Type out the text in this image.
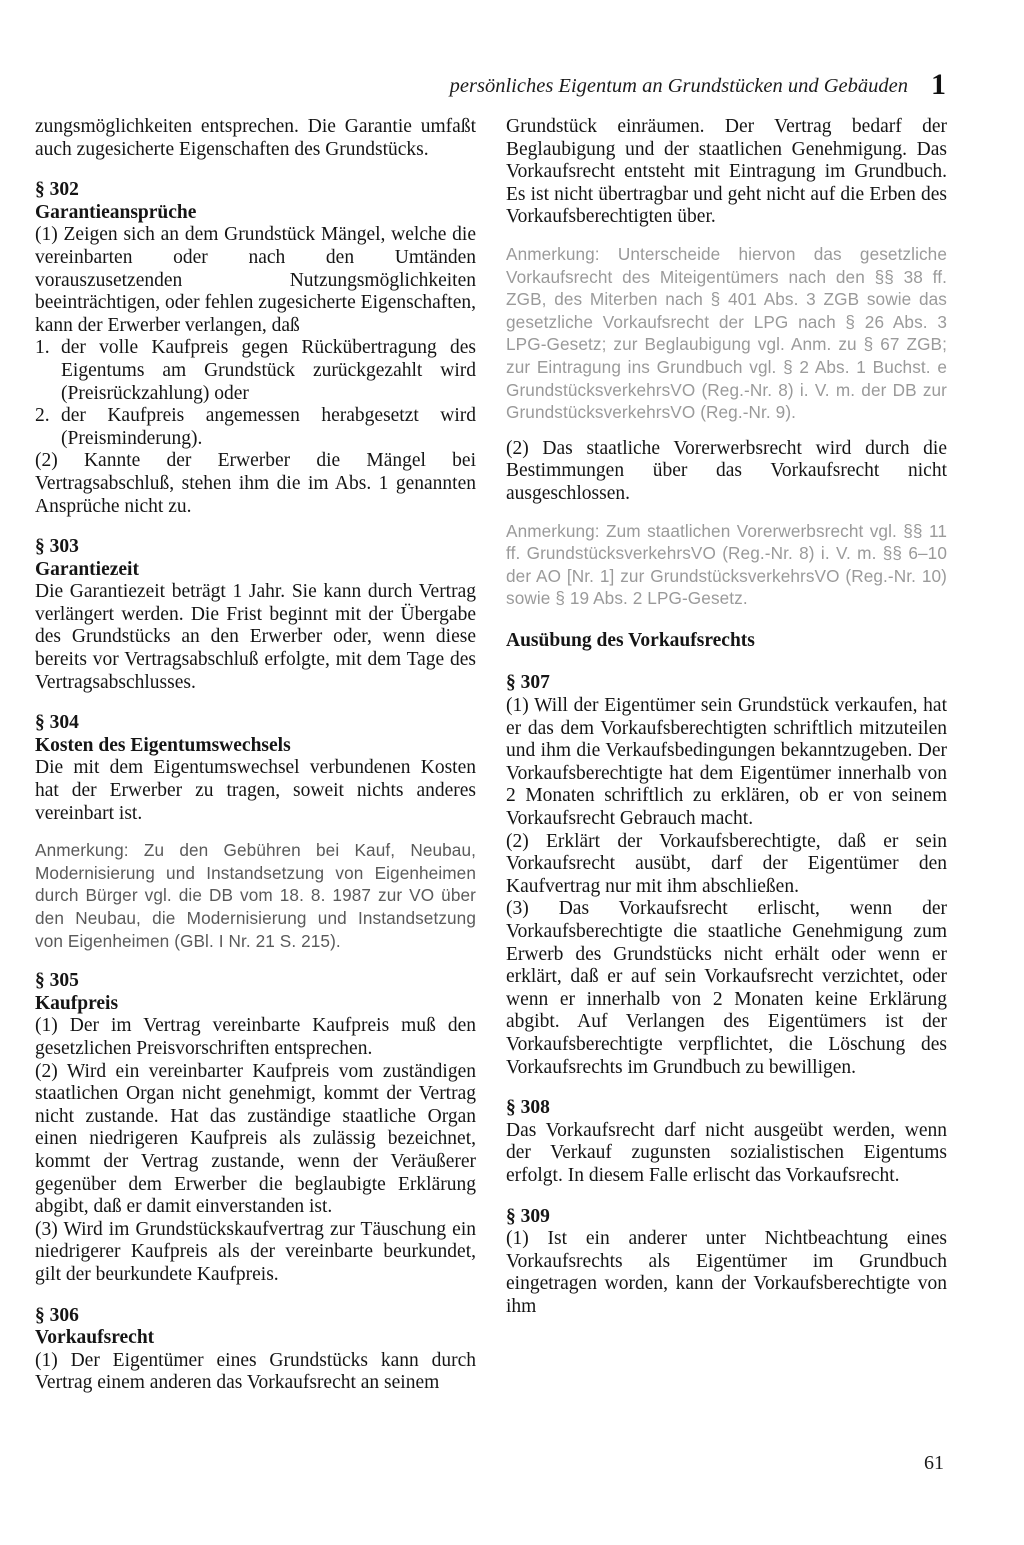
persönliches Eigentum an Grundstücken und Gebäuden 1

zungsmöglichkeiten entsprechen. Die Garantie umfaßt auch zugesicherte Eigenschaften des Grundstücks.

§ 302
Garantieansprüche

(1) Zeigen sich an dem Grundstück Mängel, welche die vereinbarten oder nach den Umtänden vorauszusetzenden Nutzungsmöglichkeiten beeinträchtigen, oder fehlen zugesicherte Eigenschaften, kann der Erwerber verlangen, daß

1. der volle Kaufpreis gegen Rückübertragung des Eigentums am Grundstück zurückgezahlt wird (Preisrückzahlung) oder
2. der Kaufpreis angemessen herabgesetzt wird (Preisminderung).

(2) Kannte der Erwerber die Mängel bei Vertragsabschluß, stehen ihm die im Abs. 1 genannten Ansprüche nicht zu.

§ 303
Garantiezeit

Die Garantiezeit beträgt 1 Jahr. Sie kann durch Vertrag verlängert werden. Die Frist beginnt mit der Übergabe des Grundstücks an den Erwerber oder, wenn diese bereits vor Vertragsabschluß erfolgte, mit dem Tage des Vertragsabschlusses.

§ 304
Kosten des Eigentumswechsels

Die mit dem Eigentumswechsel verbundenen Kosten hat der Erwerber zu tragen, soweit nichts anderes vereinbart ist.

Anmerkung: Zu den Gebühren bei Kauf, Neubau, Modernisierung und Instandsetzung von Eigenheimen durch Bürger vgl. die DB vom 18. 8. 1987 zur VO über den Neubau, die Modernisierung und Instandsetzung von Eigenheimen (GBl. I Nr. 21 S. 215).

§ 305
Kaufpreis

(1) Der im Vertrag vereinbarte Kaufpreis muß den gesetzlichen Preisvorschriften entsprechen.

(2) Wird ein vereinbarter Kaufpreis vom zuständigen staatlichen Organ nicht genehmigt, kommt der Vertrag nicht zustande. Hat das zuständige staatliche Organ einen niedrigeren Kaufpreis als zulässig bezeichnet, kommt der Vertrag zustande, wenn der Veräußerer gegenüber dem Erwerber die beglaubigte Erklärung abgibt, daß er damit einverstanden ist.

(3) Wird im Grundstückskaufvertrag zur Täuschung ein niedrigerer Kaufpreis als der vereinbarte beurkundet, gilt der beurkundete Kaufpreis.

§ 306
Vorkaufsrecht

(1) Der Eigentümer eines Grundstücks kann durch Vertrag einem anderen das Vorkaufsrecht an seinem

Grundstück einräumen. Der Vertrag bedarf der Beglaubigung und der staatlichen Genehmigung. Das Vorkaufsrecht entsteht mit Eintragung im Grundbuch. Es ist nicht übertragbar und geht nicht auf die Erben des Vorkaufsberechtigten über.

Anmerkung: Unterscheide hiervon das gesetzliche Vorkaufsrecht des Miteigentümers nach den §§ 38 ff. ZGB, des Miterben nach § 401 Abs. 3 ZGB sowie das gesetzliche Vorkaufsrecht der LPG nach § 26 Abs. 3 LPG-Gesetz; zur Beglaubigung vgl. Anm. zu § 67 ZGB; zur Eintragung ins Grundbuch vgl. § 2 Abs. 1 Buchst. e GrundstücksverkehrsVO (Reg.-Nr. 8) i. V. m. der DB zur GrundstücksverkehrsVO (Reg.-Nr. 9).

(2) Das staatliche Vorerwerbsrecht wird durch die Bestimmungen über das Vorkaufsrecht nicht ausgeschlossen.

Anmerkung: Zum staatlichen Vorerwerbsrecht vgl. §§ 11 ff. GrundstücksverkehrsVO (Reg.-Nr. 8) i. V. m. §§ 6–10 der AO [Nr. 1] zur GrundstücksverkehrsVO (Reg.-Nr. 10) sowie § 19 Abs. 2 LPG-Gesetz.

Ausübung des Vorkaufsrechts
§ 307

(1) Will der Eigentümer sein Grundstück verkaufen, hat er das dem Vorkaufsberechtigten schriftlich mitzuteilen und ihm die Verkaufsbedingungen bekanntzugeben. Der Vorkaufsberechtigte hat dem Eigentümer innerhalb von 2 Monaten schriftlich zu erklären, ob er von seinem Vorkaufsrecht Gebrauch macht.

(2) Erklärt der Vorkaufsberechtigte, daß er sein Vorkaufsrecht ausübt, darf der Eigentümer den Kaufvertrag nur mit ihm abschließen.

(3) Das Vorkaufsrecht erlischt, wenn der Vorkaufsberechtigte die staatliche Genehmigung zum Erwerb des Grundstücks nicht erhält oder wenn er erklärt, daß er auf sein Vorkaufsrecht verzichtet, oder wenn er innerhalb von 2 Monaten keine Erklärung abgibt. Auf Verlangen des Eigentümers ist der Vorkaufsberechtigte verpflichtet, die Löschung des Vorkaufsrechts im Grundbuch zu bewilligen.

§ 308

Das Vorkaufsrecht darf nicht ausgeübt werden, wenn der Verkauf zugunsten sozialistischen Eigentums erfolgt. In diesem Falle erlischt das Vorkaufsrecht.

§ 309

(1) Ist ein anderer unter Nichtbeachtung eines Vorkaufsrechts als Eigentümer im Grundbuch eingetragen worden, kann der Vorkaufsberechtigte von ihm

61
